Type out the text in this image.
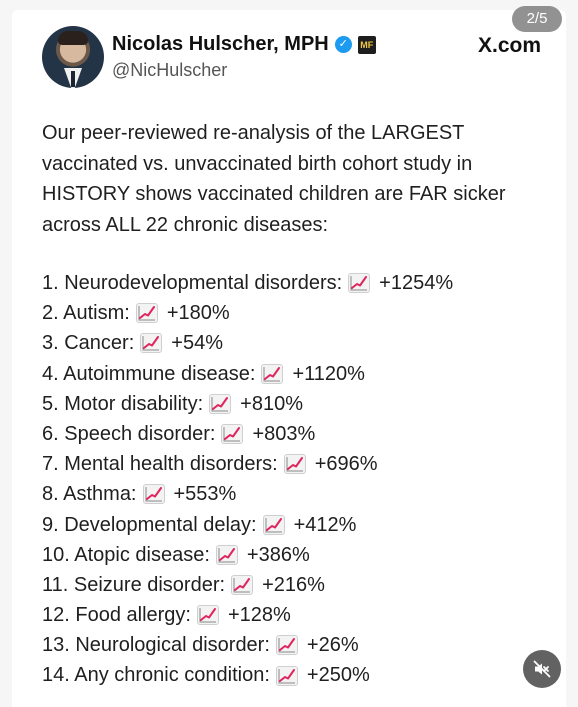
2/5
Nicolas Hulscher, MPH ✓	MF
@NicHulscher
X.com
Our peer-reviewed re-analysis of the LARGEST vaccinated vs. unvaccinated birth cohort study in HISTORY shows vaccinated children are FAR sicker across ALL 22 chronic diseases:
1. Neurodevelopmental disorders: +1254%
2. Autism: +180%
3. Cancer: +54%
4. Autoimmune disease: +1120%
5. Motor disability: +810%
6. Speech disorder: +803%
7. Mental health disorders: +696%
8. Asthma: +553%
9. Developmental delay: +412%
10. Atopic disease: +386%
11. Seizure disorder: +216%
12. Food allergy: +128%
13. Neurological disorder: +26%
14. Any chronic condition: +250%
